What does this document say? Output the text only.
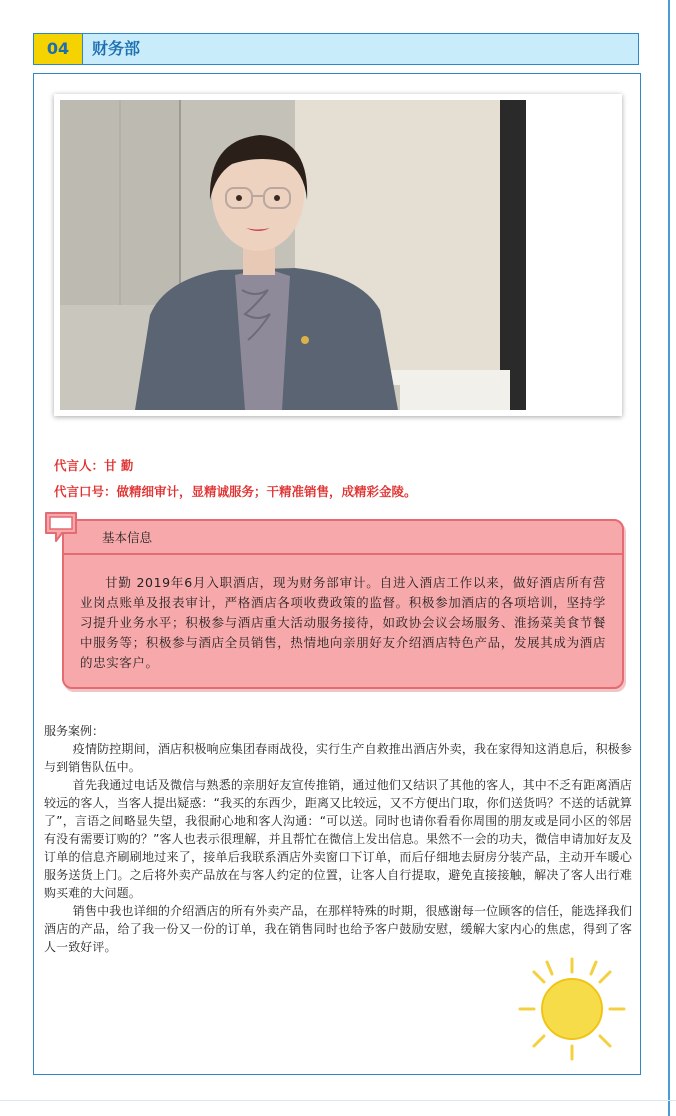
04	财务部
代言人：甘 勤
代言口号：做精细审计，显精诚服务；干精准销售，成精彩金陵。
基本信息
甘勤 2019年6月入职酒店，现为财务部审计。自进入酒店工作以来，做好酒店所有营业岗点账单及报表审计，严格酒店各项收费政策的监督。积极参加酒店的各项培训，坚持学习提升业务水平；积极参与酒店重大活动服务接待，如政协会议会场服务、淮扬菜美食节餐中服务等；积极参与酒店全员销售，热情地向亲朋好友介绍酒店特色产品，发展其成为酒店的忠实客户。
服务案例：

疫情防控期间，酒店积极响应集团春雨战役，实行生产自救推出酒店外卖，我在家得知这消息后，积极参与到销售队伍中。

首先我通过电话及微信与熟悉的亲朋好友宣传推销，通过他们又结识了其他的客人，其中不乏有距离酒店较远的客人，当客人提出疑惑：“我买的东西少，距离又比较远，又不方便出门取，你们送货吗？不送的话就算了”，言语之间略显失望，我很耐心地和客人沟通：“可以送。同时也请你看看你周围的朋友或是同小区的邻居有没有需要订购的？”客人也表示很理解，并且帮忙在微信上发出信息。果然不一会的功夫，微信申请加好友及订单的信息齐刷刷地过来了，接单后我联系酒店外卖窗口下订单，而后仔细地去厨房分装产品，主动开车暖心服务送货上门。之后将外卖产品放在与客人约定的位置，让客人自行提取，避免直接接触，解决了客人出行难购买难的大问题。

销售中我也详细的介绍酒店的所有外卖产品，在那样特殊的时期，很感谢每一位顾客的信任，能选择我们酒店的产品，给了我一份又一份的订单，我在销售同时也给予客户鼓励安慰，缓解大家内心的焦虑，得到了客人一致好评。
